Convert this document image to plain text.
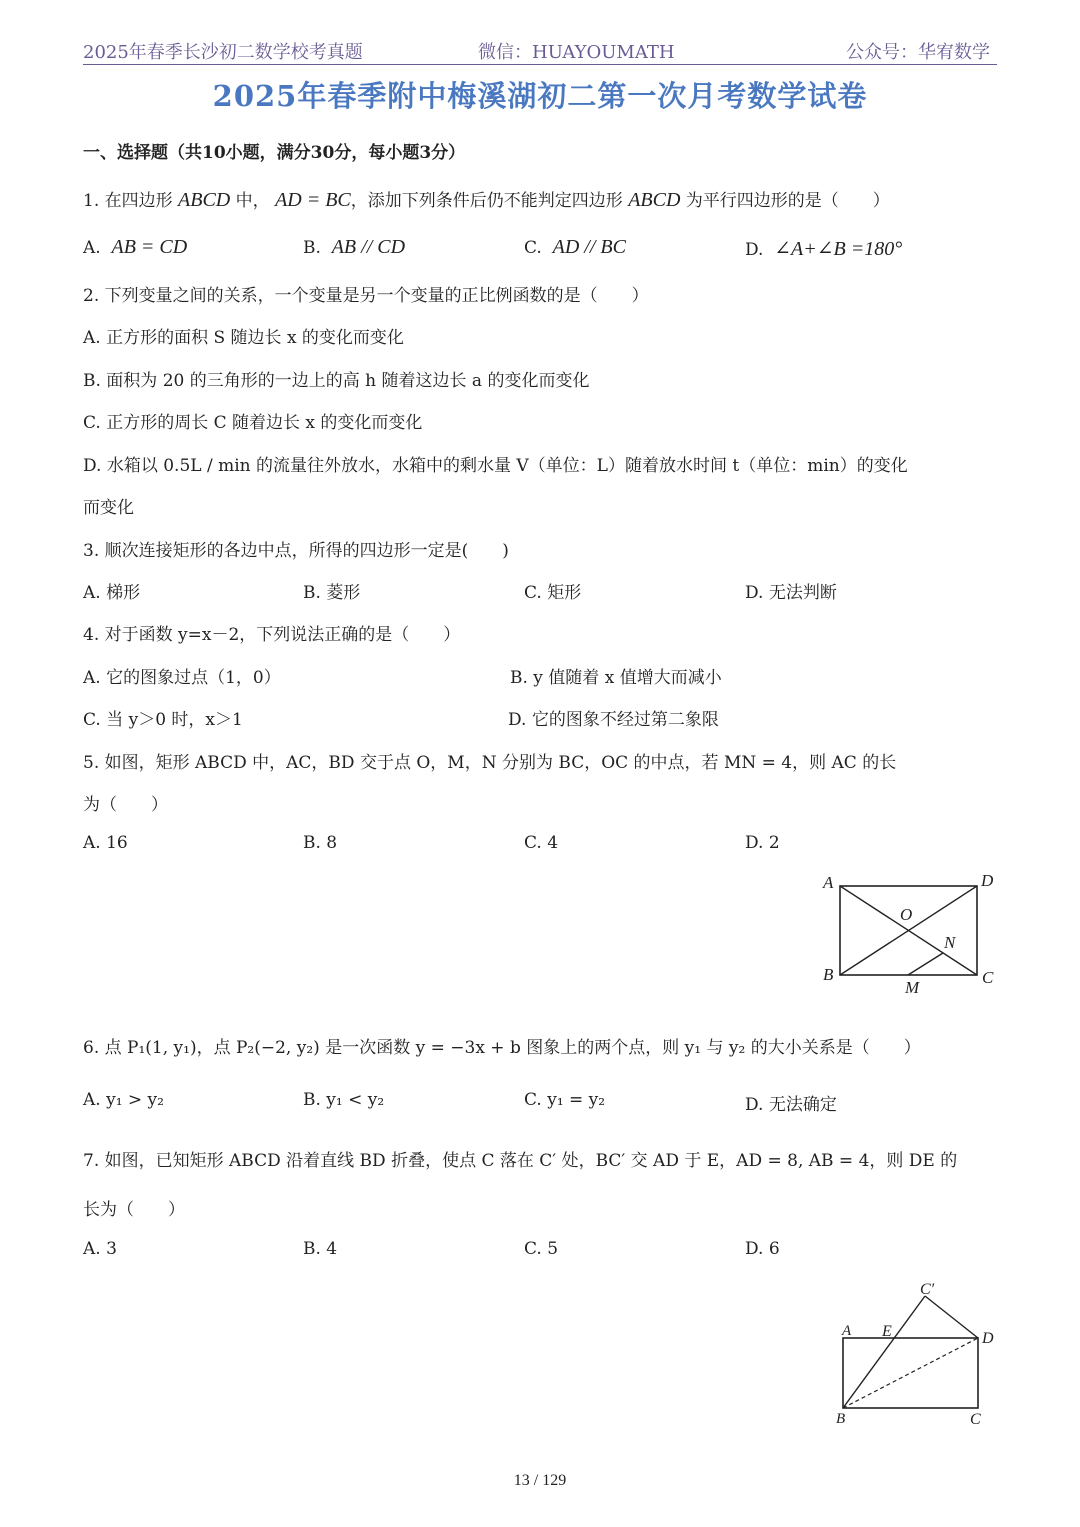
2025年春季长沙初二数学校考真题	微信：HUAYOUMATH	公众号：华宥数学
2025年春季附中梅溪湖初二第一次月考数学试卷
一、选择题（共10小题，满分30分，每小题3分）
1. 在四边形 ABCD 中， AD = BC，添加下列条件后仍不能判定四边形 ABCD 为平行四边形的是（　　）
A. AB = CD	B. AB // CD	C. AD // BC	D. ∠A+∠B =180°
2. 下列变量之间的关系，一个变量是另一个变量的正比例函数的是（　　）
A. 正方形的面积 S 随边长 x 的变化而变化
B. 面积为 20 的三角形的一边上的高 h 随着这边长 a 的变化而变化
C. 正方形的周长 C 随着边长 x 的变化而变化
D. 水箱以 0.5L / min 的流量往外放水，水箱中的剩水量 V（单位：L）随着放水时间 t（单位：min）的变化
而变化
3. 顺次连接矩形的各边中点，所得的四边形一定是(　　)
A. 梯形	B. 菱形	C. 矩形	D. 无法判断
4. 对于函数 y=x－2，下列说法正确的是（　　）
A. 它的图象过点（1，0）	B. y 值随着 x 值增大而减小
C. 当 y＞0 时，x＞1	D. 它的图象不经过第二象限
5. 如图，矩形 ABCD 中，AC，BD 交于点 O，M，N 分别为 BC，OC 的中点，若 MN = 4，则 AC 的长
为（　　）
A. 16	B. 8	C. 4	D. 2
A	D
B	C
O
N
M
6. 点 P₁(1, y₁)，点 P₂(−2, y₂) 是一次函数 y = −3x + b 图象上的两个点，则 y₁ 与 y₂ 的大小关系是（　　）
A. y₁ > y₂	B. y₁ < y₂	C. y₁ = y₂	D. 无法确定
7. 如图，已知矩形 ABCD 沿着直线 BD 折叠，使点 C 落在 C′ 处，BC′ 交 AD 于 E，AD = 8, AB = 4，则 DE 的
长为（　　）
A. 3	B. 4	C. 5	D. 6
A E	D
B	C
C′
13 / 129
